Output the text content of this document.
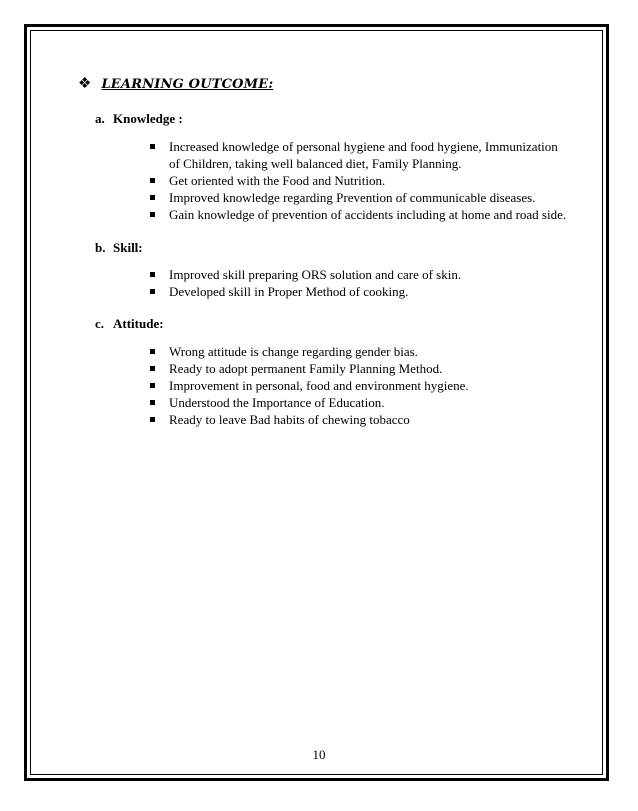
❖ LEARNING OUTCOME:
a. Knowledge :
Increased knowledge of personal hygiene and food hygiene, Immunization of Children, taking well balanced diet, Family Planning.
Get oriented with the Food and Nutrition.
Improved knowledge regarding Prevention of communicable diseases.
Gain knowledge of prevention of accidents including at home and road side.
b. Skill:
Improved skill preparing ORS solution and care of skin.
Developed skill in Proper Method of cooking.
c. Attitude:
Wrong attitude is change regarding gender bias.
Ready to adopt permanent Family Planning Method.
Improvement in personal, food and environment hygiene.
Understood the Importance of Education.
Ready to leave Bad habits of chewing tobacco
10
